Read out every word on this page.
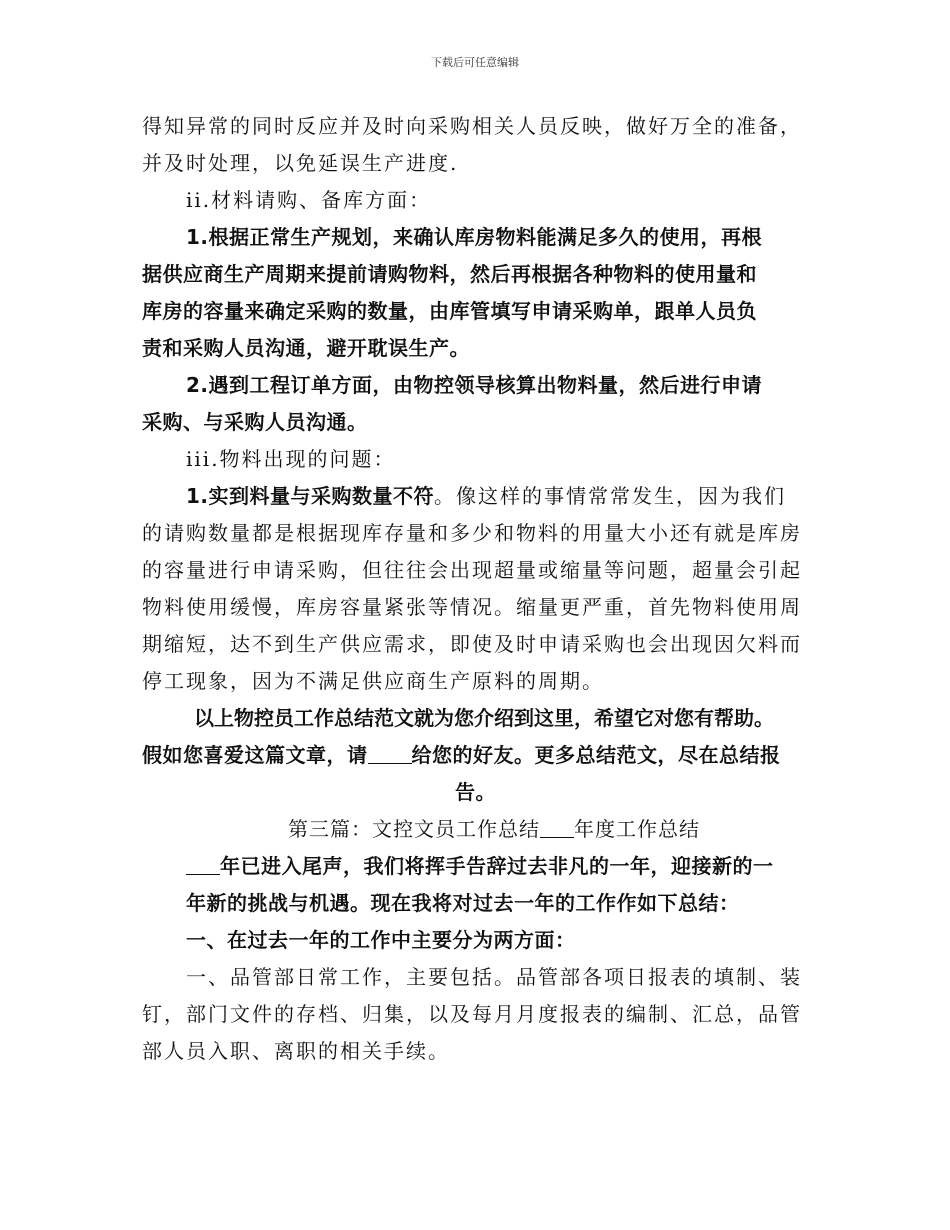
下载后可任意编辑
得知异常的同时反应并及时向采购相关人员反映，做好万全的准备，
并及时处理，以免延误生产进度.
ii.材料请购、备库方面：
1.根据正常生产规划，来确认库房物料能满足多久的使用，再根
据供应商生产周期来提前请购物料，然后再根据各种物料的使用量和
库房的容量来确定采购的数量，由库管填写申请采购单，跟单人员负
责和采购人员沟通，避开耽误生产。
2.遇到工程订单方面，由物控领导核算出物料量，然后进行申请
采购、与采购人员沟通。
iii.物料出现的问题：
1.实到料量与采购数量不符。像这样的事情常常发生，因为我们
的请购数量都是根据现库存量和多少和物料的用量大小还有就是库房
的容量进行申请采购，但往往会出现超量或缩量等问题，超量会引起
物料使用缓慢，库房容量紧张等情况。缩量更严重，首先物料使用周
期缩短，达不到生产供应需求，即使及时申请采购也会出现因欠料而
停工现象，因为不满足供应商生产原料的周期。
以上物控员工作总结范文就为您介绍到这里，希望它对您有帮助。
假如您喜爱这篇文章，请 给您的好友。更多总结范文，尽在总结报
告。
第三篇：文控文员工作总结 年度工作总结
年已进入尾声，我们将挥手告辞过去非凡的一年，迎接新的一
年新的挑战与机遇。现在我将对过去一年的工作作如下总结：
一、在过去一年的工作中主要分为两方面：
一、品管部日常工作，主要包括。品管部各项日报表的填制、装
钉，部门文件的存档、归集，以及每月月度报表的编制、汇总，品管
部人员入职、离职的相关手续。
